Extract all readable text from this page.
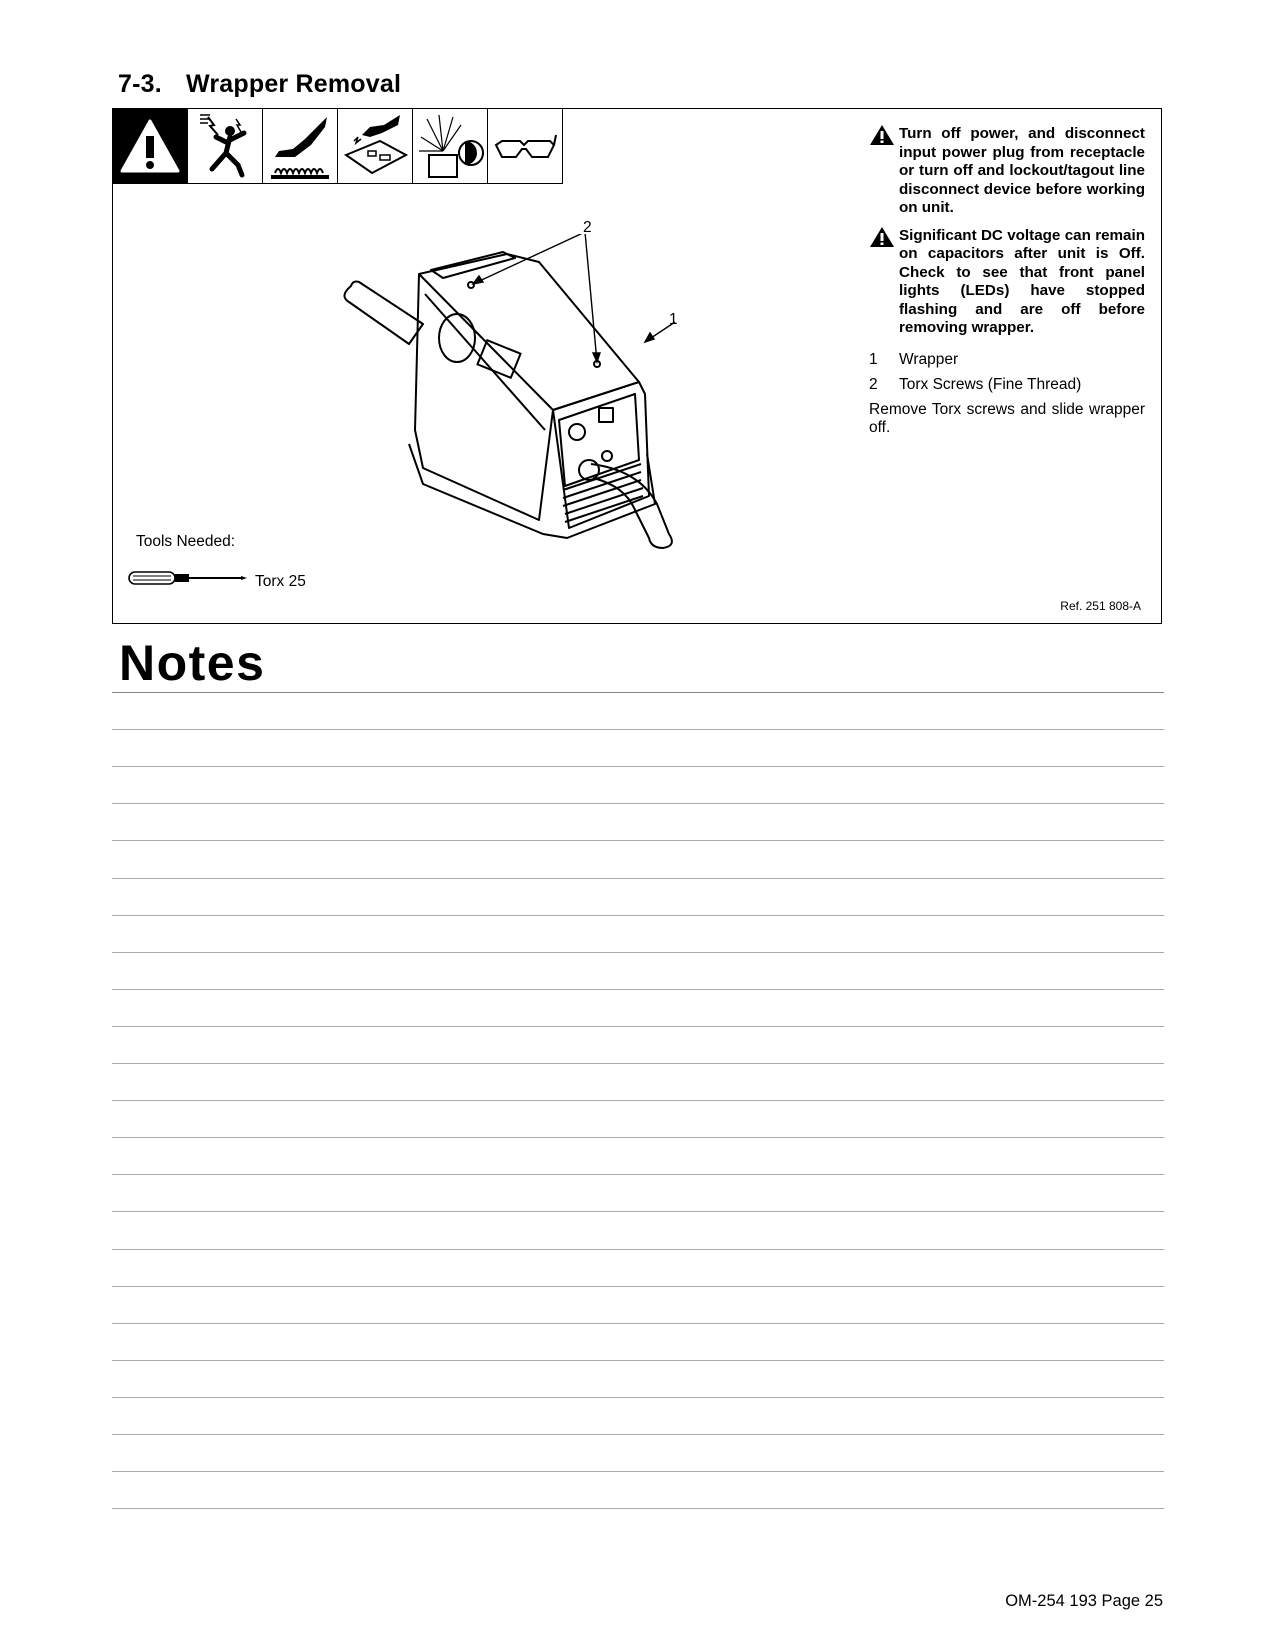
7-3. Wrapper Removal
2
1
Turn off power, and disconnect input power plug from receptacle or turn off and lockout/tagout line disconnect device before working on unit.
Significant DC voltage can remain on capacitors after unit is Off. Check to see that front panel lights (LEDs) have stopped flashing and are off before removing wrapper.
1	Wrapper
2	Torx Screws (Fine Thread)
Remove Torx screws and slide wrapper off.
Tools Needed:
Torx 25
Ref. 251 808-A
Notes
OM-254 193 Page 25
